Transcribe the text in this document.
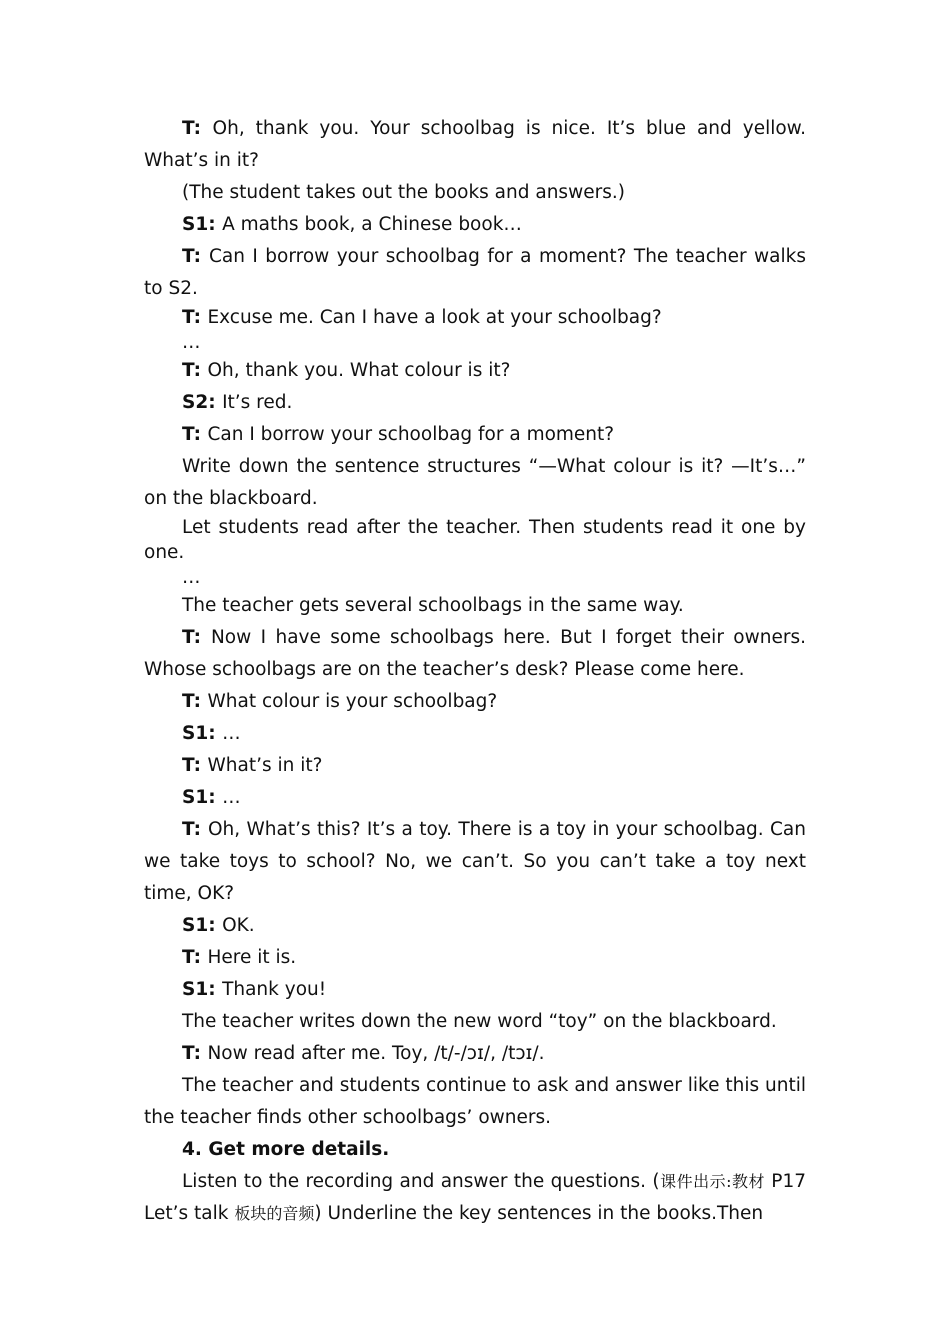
T: Oh, thank you. Your schoolbag is nice. It’s blue and yellow. What’s in it?

(The student takes out the books and answers.)

S1: A maths book, a Chinese book…

T: Can I borrow your schoolbag for a moment? The teacher walks to S2.

T: Excuse me. Can I have a look at your schoolbag?

…

T: Oh, thank you. What colour is it?

S2: It’s red.

T: Can I borrow your schoolbag for a moment?

Write down the sentence structures “—What colour is it? —It’s…” on the blackboard.

Let students read after the teacher. Then students read it one by one.

…

The teacher gets several schoolbags in the same way.

T: Now I have some schoolbags here. But I forget their owners. Whose schoolbags are on the teacher’s desk? Please come here.

T: What colour is your schoolbag?

S1: …

T: What’s in it?

S1: …

T: Oh, What’s this? It’s a toy. There is a toy in your schoolbag. Can we take toys to school? No, we can’t. So you can’t take a toy next time, OK?

S1: OK.

T: Here it is.

S1: Thank you!

The teacher writes down the new word “toy” on the blackboard.

T: Now read after me. Toy, /t/-/ɔɪ/, /tɔɪ/.

The teacher and students continue to ask and answer like this until the teacher finds other schoolbags’ owners.

4. Get more details.

Listen to the recording and answer the questions. (课件出示:教材 P17 Let’s talk 板块的音频) Underline the key sentences in the books.Then
